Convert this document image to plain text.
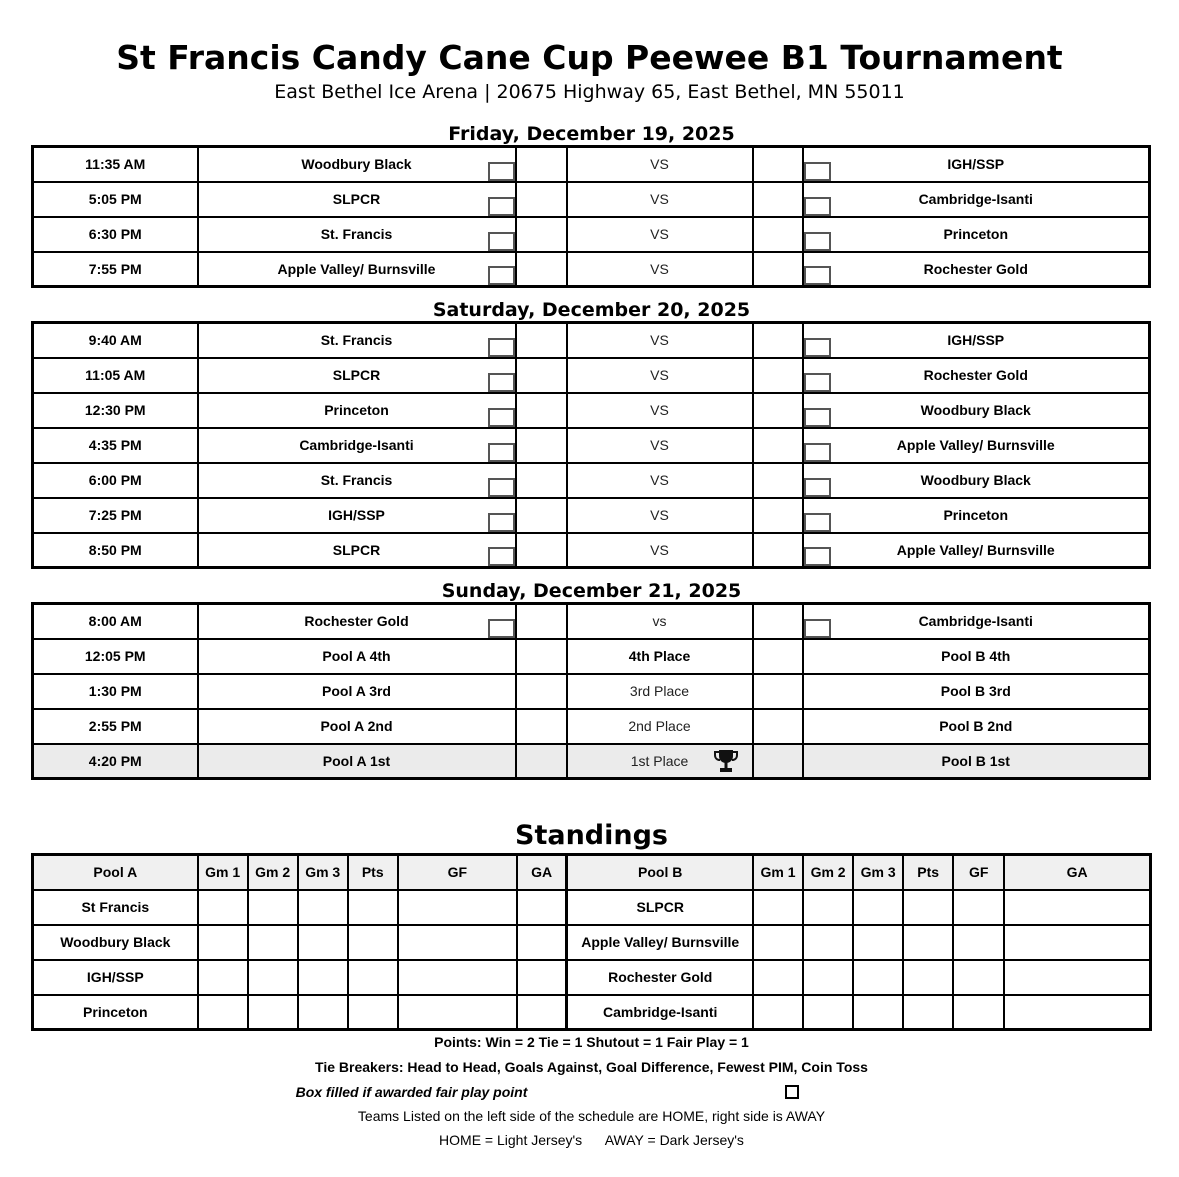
St Francis Candy Cane Cup Peewee B1 Tournament
East Bethel Ice Arena | 20675 Highway 65, East Bethel, MN 55011
Friday, December 19, 2025
11:35 AM	Woodbury Black		VS		IGH/SSP

5:05 PM	SLPCR		VS		Cambridge-Isanti

6:30 PM	St. Francis		VS		Princeton

7:55 PM	Apple Valley/ Burnsville		VS		Rochester Gold
Saturday, December 20, 2025
9:40 AM	St. Francis		VS		IGH/SSP

11:05 AM	SLPCR		VS		Rochester Gold

12:30 PM	Princeton		VS		Woodbury Black

4:35 PM	Cambridge-Isanti		VS		Apple Valley/ Burnsville

6:00 PM	St. Francis		VS		Woodbury Black

7:25 PM	IGH/SSP		VS		Princeton

8:50 PM	SLPCR		VS		Apple Valley/ Burnsville
Sunday, December 21, 2025
8:00 AM	Rochester Gold		vs		Cambridge-Isanti

12:05 PM	Pool A 4th		4th Place		Pool B 4th
1:30 PM	Pool A 3rd		3rd Place		Pool B 3rd
2:55 PM	Pool A 2nd		2nd Place		Pool B 2nd
4:20 PM	Pool A 1st		1st Place		Pool B 1st
Standings
Pool A	Gm 1	Gm 2	Gm 3	Pts	GF	GA	Pool B	Gm 1	Gm 2	Gm 3	Pts	GF	GA
St Francis							SLPCR						
Woodbury Black							Apple Valley/ Burnsville						
IGH/SSP							Rochester Gold						
Princeton							Cambridge-Isanti						
Points: Win = 2 Tie = 1 Shutout = 1 Fair Play = 1
Tie Breakers: Head to Head, Goals Against, Goal Difference, Fewest PIM, Coin Toss
Box filled if awarded fair play point
Teams Listed on the left side of the schedule are HOME, right side is AWAY
HOME = Light Jersey's      AWAY = Dark Jersey's
